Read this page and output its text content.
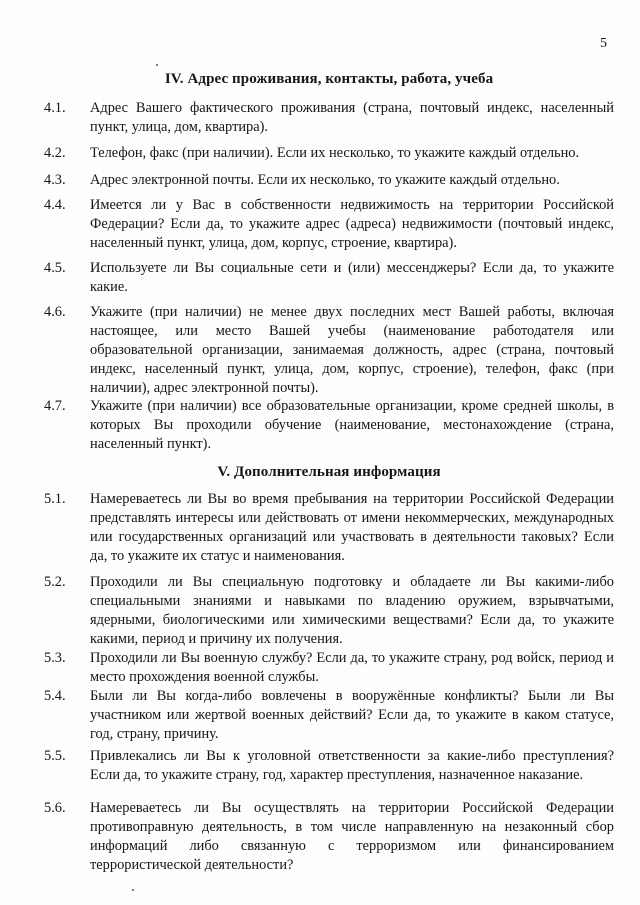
5
IV. Адрес проживания, контакты, работа, учеба
4.1.	Адрес Вашего фактического проживания (страна, почтовый индекс, населенный пункт, улица, дом, квартира).
4.2.	Телефон, факс (при наличии). Если их несколько, то укажите каждый отдельно.
4.3.	Адрес электронной почты. Если их несколько, то укажите каждый отдельно.
4.4.	Имеется ли у Вас в собственности недвижимость на территории Российской Федерации? Если да, то укажите адрес (адреса) недвижимости (почтовый индекс, населенный пункт, улица, дом, корпус, строение, квартира).
4.5.	Используете ли Вы социальные сети и (или) мессенджеры? Если да, то укажите какие.
4.6.	Укажите (при наличии) не менее двух последних мест Вашей работы, включая настоящее, или место Вашей учебы (наименование работодателя или образовательной организации, занимаемая должность, адрес (страна, почтовый индекс, населенный пункт, улица, дом, корпус, строение), телефон, факс (при наличии), адрес электронной почты).
4.7.	Укажите (при наличии) все образовательные организации, кроме средней школы, в которых Вы проходили обучение (наименование, местонахождение (страна, населенный пункт).
V. Дополнительная информация
5.1.	Намереваетесь ли Вы во время пребывания на территории Российской Федерации представлять интересы или действовать от имени некоммерческих, международных или государственных организаций или участвовать в деятельности таковых? Если да, то укажите их статус и наименования.
5.2.	Проходили ли Вы специальную подготовку и обладаете ли Вы какими-либо специальными знаниями и навыками по владению оружием, взрывчатыми, ядерными, биологическими или химическими веществами? Если да, то укажите какими, период и причину их получения.
5.3.	Проходили ли Вы военную службу? Если да, то укажите страну, род войск, период и место прохождения военной службы.
5.4.	Были ли Вы когда-либо вовлечены в вооружённые конфликты? Были ли Вы участником или жертвой военных действий? Если да, то укажите в каком статусе, год, страну, причину.
5.5.	Привлекались ли Вы к уголовной ответственности за какие-либо преступления? Если да, то укажите страну, год, характер преступления, назначенное наказание.
5.6.	Намереваетесь ли Вы осуществлять на территории Российской Федерации противоправную деятельность, в том числе направленную на незаконный сбор информаций либо связанную с терроризмом или финансированием террористической деятельности?
